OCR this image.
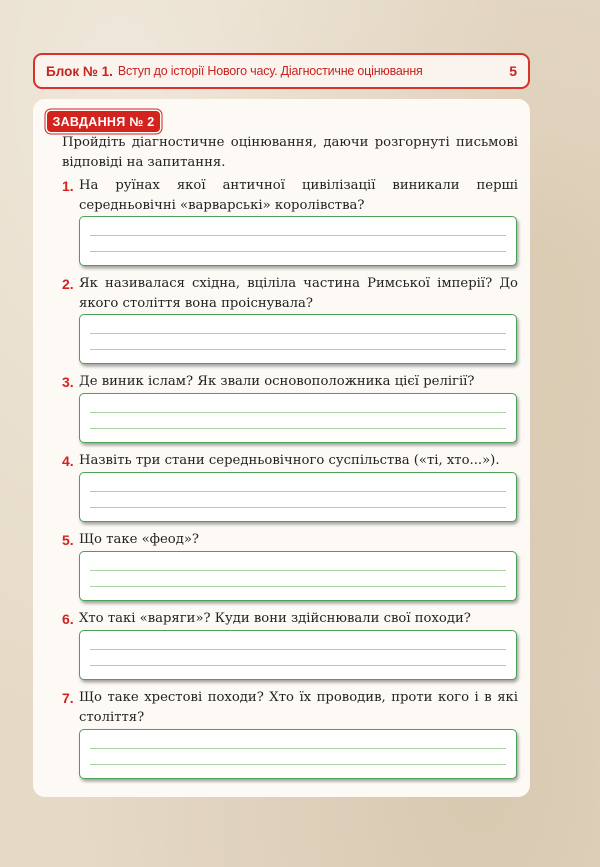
Блок № 1. Вступ до історії Нового часу. Діагностичне оцінювання	5
ЗАВДАННЯ № 2

Пройдіть діагностичне оцінювання, даючи розгорнуті письмові відповіді на запитання.

1. На руїнах якої античної цивілізації виникали перші середньовічні «варварські» королівства?
2. Як називалася східна, вціліла частина Римської імперії? До якого століття вона проіснувала?
3. Де виник іслам? Як звали основоположника цієї релігії?
4. Назвіть три стани середньовічного суспільства («ті, хто...»).
5. Що таке «феод»?
6. Хто такі «варяги»? Куди вони здійснювали свої походи?
7. Що таке хрестові походи? Хто їх проводив, проти кого і в які століття?
